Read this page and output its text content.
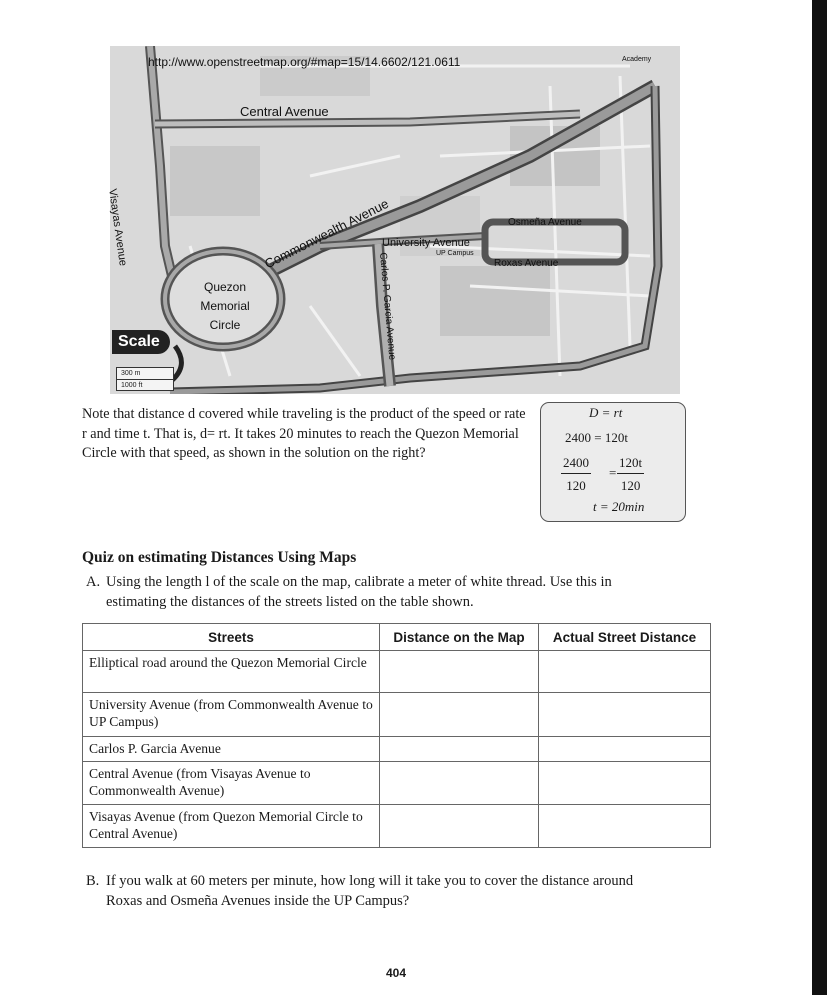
http://www.openstreetmap.org/#map=15/14.6602/121.0611
Central Avenue
Visayas Avenue	Commonwealth Avenue
University Avenue
Osmeña Avenue
Roxas Avenue
Carlos P. Garcia Avenue
Quezon Memorial Circle
UP Campus
Academy
Scale
300 m
1000 ft
Note that distance d covered while traveling is the product of the speed or rate r and time t. That is, d= rt. It takes 20 minutes to reach the Quezon Memorial Circle with that speed, as shown in the solution on the right?
D = rt
2400 = 120t
$\frac{2400}{120} = \frac{120t}{120}$
t = 20min
Quiz on estimating Distances Using Maps
A. Using the length l of the scale on the map, calibrate a meter of white thread. Use this in
estimating the distances of the streets listed on the table shown.
Streets	Distance on the Map	Actual Street Distance
Elliptical road around the Quezon Memorial Circle		
University Avenue (from Commonwealth Avenue to UP Campus)		
Carlos P. Garcia Avenue		
Central Avenue (from Visayas Avenue to Commonwealth Avenue)		
Visayas Avenue (from Quezon Memorial Circle to Central Avenue)		
B. If you walk at 60 meters per minute, how long will it take you to cover the distance around
Roxas and Osmeña Avenues inside the UP Campus?
404
